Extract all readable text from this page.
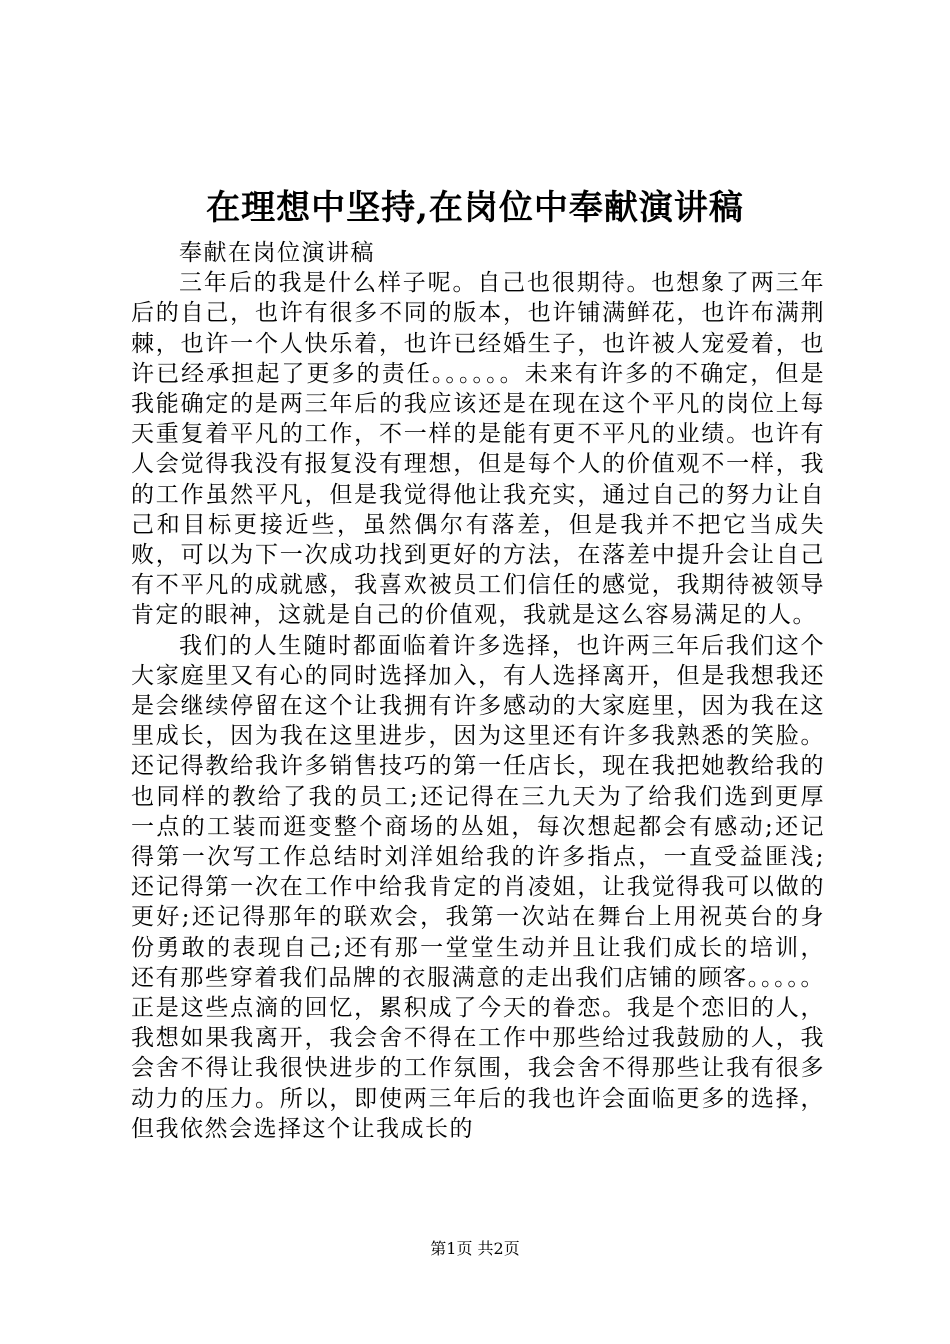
在理想中坚持,在岗位中奉献演讲稿

奉献在岗位演讲稿

三年后的我是什么样子呢。自己也很期待。也想象了两三年后的自己，也许有很多不同的版本，也许铺满鲜花，也许布满荆棘，也许一个人快乐着，也许已经婚生子，也许被人宠爱着，也许已经承担起了更多的责任。。。。。。未来有许多的不确定，但是我能确定的是两三年后的我应该还是在现在这个平凡的岗位上每天重复着平凡的工作，不一样的是能有更不平凡的业绩。也许有人会觉得我没有报复没有理想，但是每个人的价值观不一样，我的工作虽然平凡，但是我觉得他让我充实，通过自己的努力让自己和目标更接近些，虽然偶尔有落差，但是我并不把它当成失败，可以为下一次成功找到更好的方法，在落差中提升会让自己有不平凡的成就感，我喜欢被员工们信任的感觉，我期待被领导肯定的眼神，这就是自己的价值观，我就是这么容易满足的人。

我们的人生随时都面临着许多选择，也许两三年后我们这个大家庭里又有心的同时选择加入，有人选择离开，但是我想我还是会继续停留在这个让我拥有许多感动的大家庭里，因为我在这里成长，因为我在这里进步，因为这里还有许多我熟悉的笑脸。还记得教给我许多销售技巧的第一任店长，现在我把她教给我的也同样的教给了我的员工;还记得在三九天为了给我们选到更厚一点的工装而逛变整个商场的丛姐，每次想起都会有感动;还记得第一次写工作总结时刘洋姐给我的许多指点，一直受益匪浅;还记得第一次在工作中给我肯定的肖凌姐，让我觉得我可以做的更好;还记得那年的联欢会，我第一次站在舞台上用祝英台的身份勇敢的表现自己;还有那一堂堂生动并且让我们成长的培训，还有那些穿着我们品牌的衣服满意的走出我们店铺的顾客。。。。。正是这些点滴的回忆，累积成了今天的眷恋。我是个恋旧的人，我想如果我离开，我会舍不得在工作中那些给过我鼓励的人，我会舍不得让我很快进步的工作氛围，我会舍不得那些让我有很多动力的压力。所以，即使两三年后的我也许会面临更多的选择，但我依然会选择这个让我成长的

第1页 共2页
